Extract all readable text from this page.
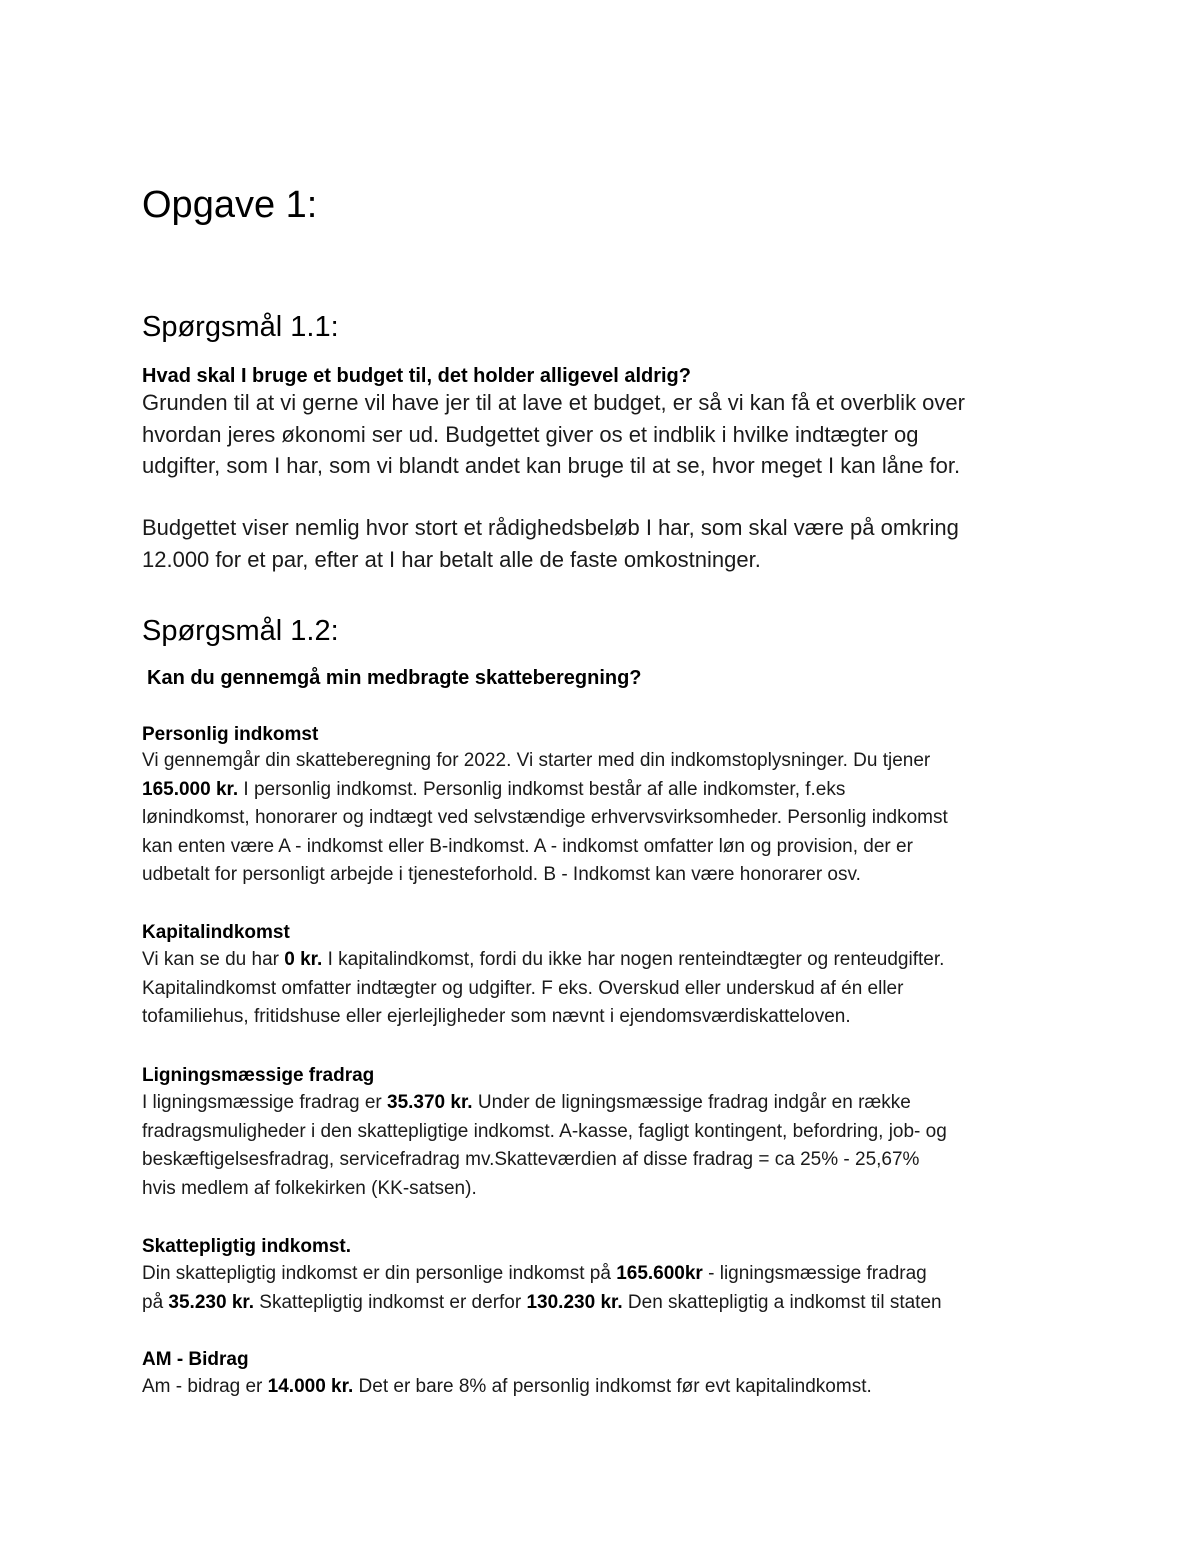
Opgave 1:
Spørgsmål 1.1:
Hvad skal I bruge et budget til, det holder alligevel aldrig?
Grunden til at vi gerne vil have jer til at lave et budget, er så vi kan få et overblik over
hvordan jeres økonomi ser ud. Budgettet giver os et indblik i hvilke indtægter og
udgifter, som I har, som vi blandt andet kan bruge til at se, hvor meget I kan låne for.
Budgettet viser nemlig hvor stort et rådighedsbeløb I har, som skal være på omkring
12.000 for et par, efter at I har betalt alle de faste omkostninger.
Spørgsmål 1.2:
Kan du gennemgå min medbragte skatteberegning?
Personlig indkomst
Vi gennemgår din skatteberegning for 2022. Vi starter med din indkomstoplysninger. Du tjener
165.000 kr. I personlig indkomst. Personlig indkomst består af alle indkomster, f.eks
lønindkomst, honorarer og indtægt ved selvstændige erhvervsvirksomheder. Personlig indkomst
kan enten være A - indkomst eller B-indkomst. A - indkomst omfatter løn og provision, der er
udbetalt for personligt arbejde i tjenesteforhold. B - Indkomst kan være honorarer osv.
Kapitalindkomst
Vi kan se du har 0 kr. I kapitalindkomst, fordi du ikke har nogen renteindtægter og renteudgifter.
Kapitalindkomst omfatter indtægter og udgifter. F eks. Overskud eller underskud af én eller
tofamiliehus, fritidshuse eller ejerlejligheder som nævnt i ejendomsværdiskatteloven.
Ligningsmæssige fradrag
I ligningsmæssige fradrag er 35.370 kr. Under de ligningsmæssige fradrag indgår en række
fradragsmuligheder i den skattepligtige indkomst. A-kasse, fagligt kontingent, befordring, job- og
beskæftigelsesfradrag, servicefradrag mv.Skatteværdien af disse fradrag = ca 25% - 25,67%
hvis medlem af folkekirken (KK-satsen).
Skattepligtig indkomst.
Din skattepligtig indkomst er din personlige indkomst på 165.600kr - ligningsmæssige fradrag
på 35.230 kr. Skattepligtig indkomst er derfor 130.230 kr. Den skattepligtig a indkomst til staten
AM - Bidrag
Am - bidrag er 14.000 kr. Det er bare 8% af personlig indkomst før evt kapitalindkomst.
